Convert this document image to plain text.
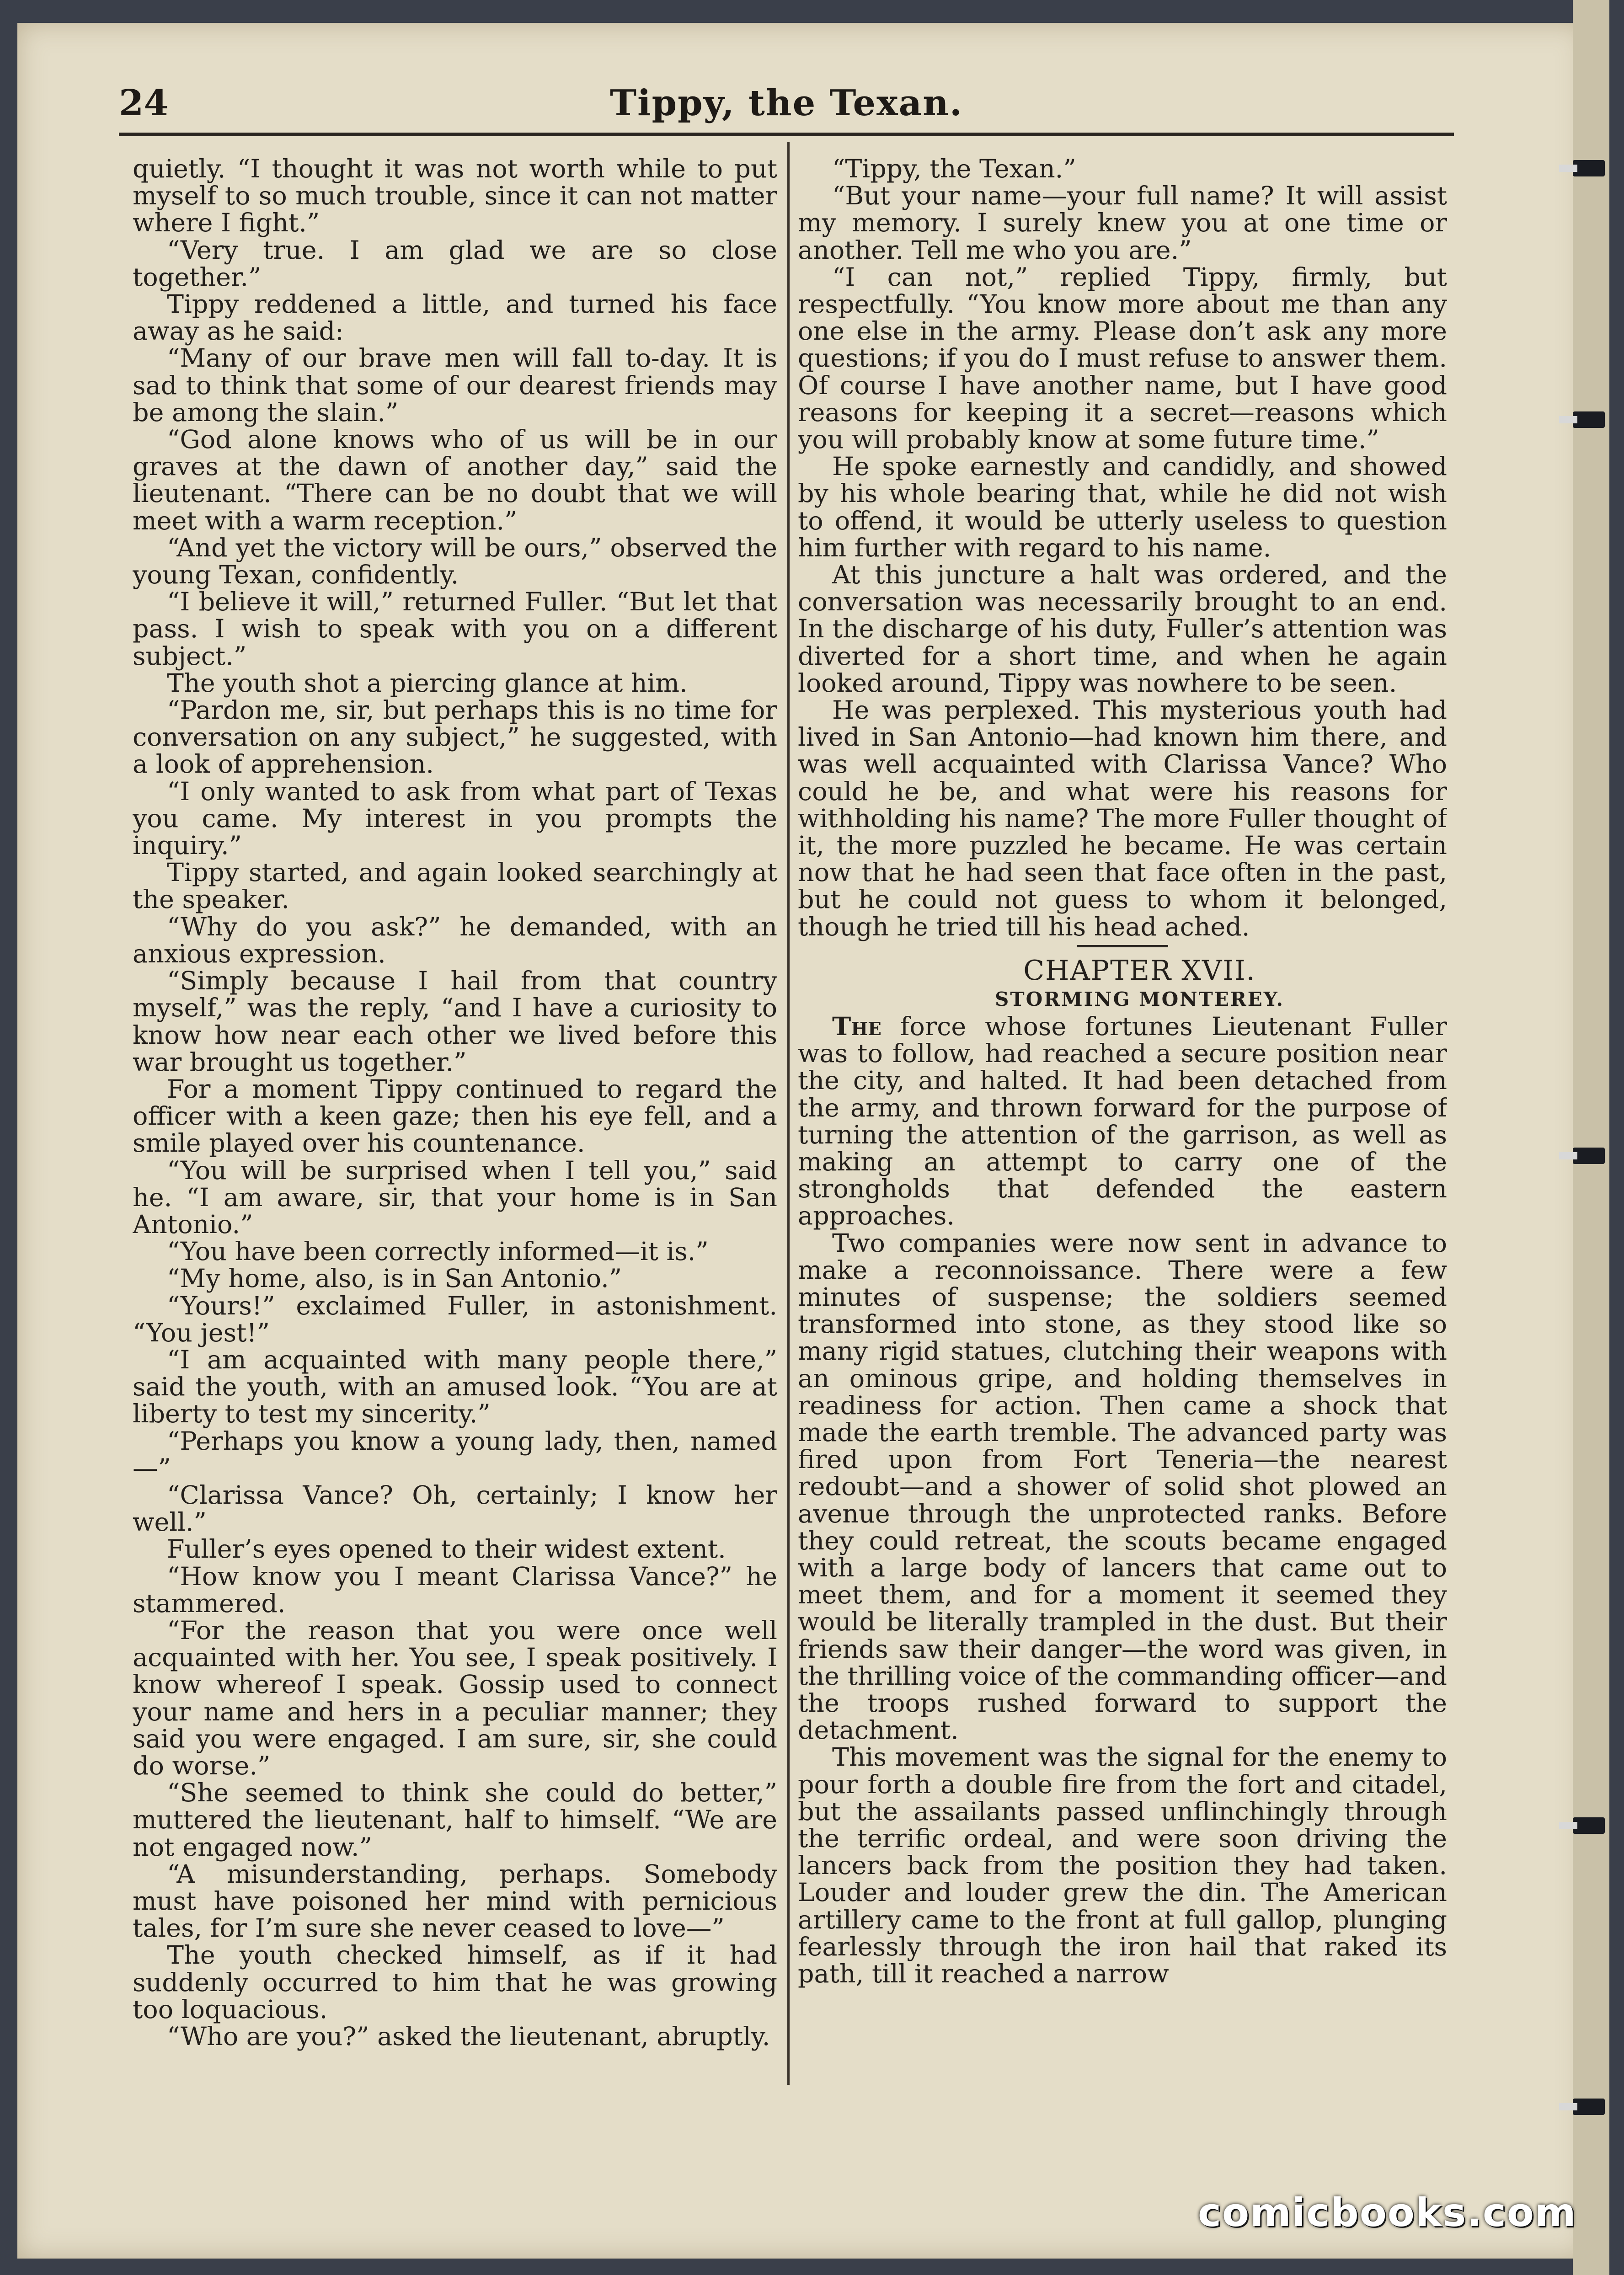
24	Tippy, the Texan.

quietly. “I thought it was not worth while to put myself to so much trouble, since it can not matter where I fight.”

“Very true. I am glad we are so close together.”

Tippy reddened a little, and turned his face away as he said:

“Many of our brave men will fall to-day. It is sad to think that some of our dearest friends may be among the slain.”

“God alone knows who of us will be in our graves at the dawn of another day,” said the lieutenant. “There can be no doubt that we will meet with a warm reception.”

“And yet the victory will be ours,” observed the young Texan, confidently.

“I believe it will,” returned Fuller. “But let that pass. I wish to speak with you on a different subject.”

The youth shot a piercing glance at him.

“Pardon me, sir, but perhaps this is no time for conversation on any subject,” he suggested, with a look of apprehension.

“I only wanted to ask from what part of Texas you came. My interest in you prompts the inquiry.”

Tippy started, and again looked searchingly at the speaker.

“Why do you ask?” he demanded, with an anxious expression.

“Simply because I hail from that country myself,” was the reply, “and I have a curiosity to know how near each other we lived before this war brought us together.”

For a moment Tippy continued to regard the officer with a keen gaze; then his eye fell, and a smile played over his countenance.

“You will be surprised when I tell you,” said he. “I am aware, sir, that your home is in San Antonio.”

“You have been correctly informed—it is.”

“My home, also, is in San Antonio.”

“Yours!” exclaimed Fuller, in astonishment. “You jest!”

“I am acquainted with many people there,” said the youth, with an amused look. “You are at liberty to test my sincerity.”

“Perhaps you know a young lady, then, named—”

“Clarissa Vance? Oh, certainly; I know her well.”

Fuller’s eyes opened to their widest extent.

“How know you I meant Clarissa Vance?” he stammered.

“For the reason that you were once well acquainted with her. You see, I speak positively. I know whereof I speak. Gossip used to connect your name and hers in a peculiar manner; they said you were engaged. I am sure, sir, she could do worse.”

“She seemed to think she could do better,” muttered the lieutenant, half to himself. “We are not engaged now.”

“A misunderstanding, perhaps. Somebody must have poisoned her mind with pernicious tales, for I’m sure she never ceased to love—”

The youth checked himself, as if it had suddenly occurred to him that he was growing too loquacious.

“Who are you?” asked the lieutenant, abruptly.

“Tippy, the Texan.”

“But your name—your full name? It will assist my memory. I surely knew you at one time or another. Tell me who you are.”

“I can not,” replied Tippy, firmly, but respectfully. “You know more about me than any one else in the army. Please don’t ask any more questions; if you do I must refuse to answer them. Of course I have another name, but I have good reasons for keeping it a secret—reasons which you will probably know at some future time.”

He spoke earnestly and candidly, and showed by his whole bearing that, while he did not wish to offend, it would be utterly useless to question him further with regard to his name.

At this juncture a halt was ordered, and the conversation was necessarily brought to an end. In the discharge of his duty, Fuller’s attention was diverted for a short time, and when he again looked around, Tippy was nowhere to be seen.

He was perplexed. This mysterious youth had lived in San Antonio—had known him there, and was well acquainted with Clarissa Vance? Who could he be, and what were his reasons for withholding his name? The more Fuller thought of it, the more puzzled he became. He was certain now that he had seen that face often in the past, but he could not guess to whom it belonged, though he tried till his head ached.

CHAPTER XVII.

STORMING MONTEREY.

The force whose fortunes Lieutenant Fuller was to follow, had reached a secure position near the city, and halted. It had been detached from the army, and thrown forward for the purpose of turning the attention of the garrison, as well as making an attempt to carry one of the strongholds that defended the eastern approaches.

Two companies were now sent in advance to make a reconnoissance. There were a few minutes of suspense; the soldiers seemed transformed into stone, as they stood like so many rigid statues, clutching their weapons with an ominous gripe, and holding themselves in readiness for action. Then came a shock that made the earth tremble. The advanced party was fired upon from Fort Teneria—the nearest redoubt—and a shower of solid shot plowed an avenue through the unprotected ranks. Before they could retreat, the scouts became engaged with a large body of lancers that came out to meet them, and for a moment it seemed they would be literally trampled in the dust. But their friends saw their danger—the word was given, in the thrilling voice of the commanding officer—and the troops rushed forward to support the detachment.

This movement was the signal for the enemy to pour forth a double fire from the fort and citadel, but the assailants passed unflinchingly through the terrific ordeal, and were soon driving the lancers back from the position they had taken. Louder and louder grew the din. The American artillery came to the front at full gallop, plunging fearlessly through the iron hail that raked its path, till it reached a narrow

comicbooks.com
